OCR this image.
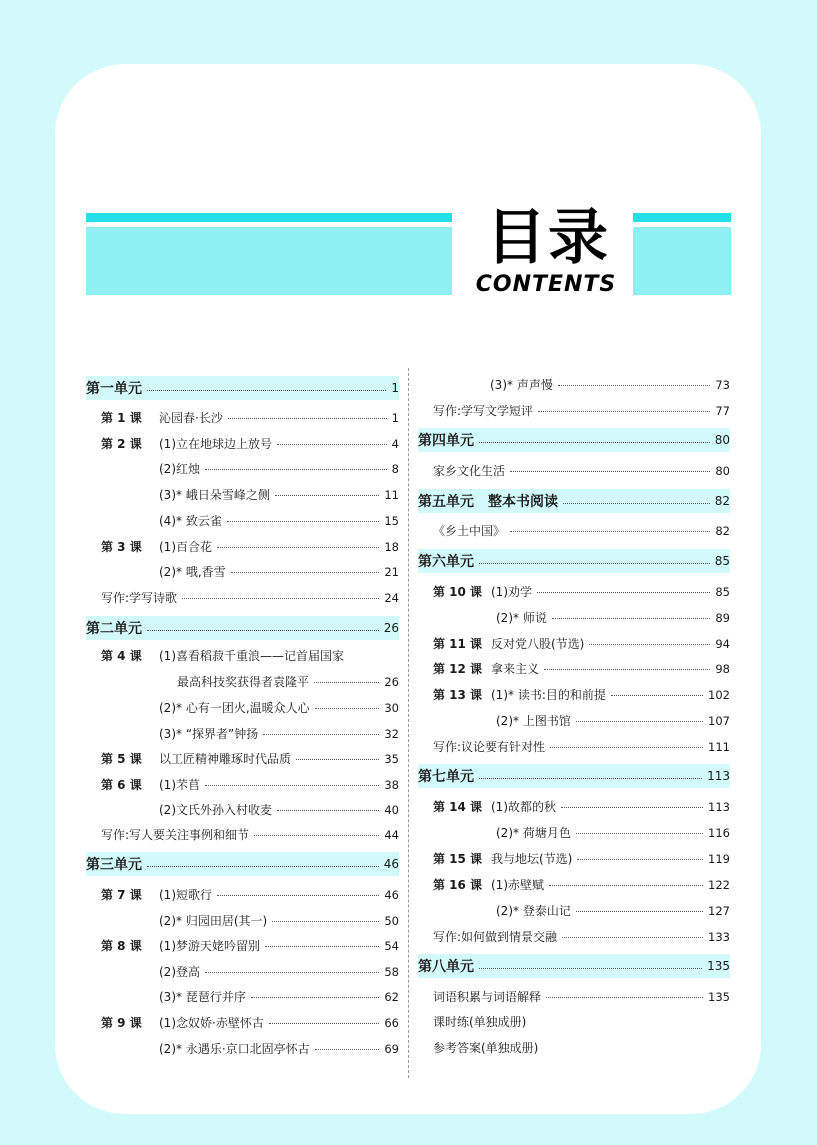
目录
CONTENTS
第一单元	1
第 1 课	沁园春·长沙	1
第 2 课	(1)立在地球边上放号	4
(2)红烛	8
(3)* 峨日朵雪峰之侧	11
(4)* 致云雀	15
第 3 课	(1)百合花	18
(2)* 哦,香雪	21
写作:学写诗歌	24
第二单元	26
第 4 课	(1)喜看稻菽千重浪——记首届国家
最高科技奖获得者袁隆平	26
(2)* 心有一团火,温暖众人心	30
(3)* “探界者”钟扬	32
第 5 课	以工匠精神雕琢时代品质	35
第 6 课	(1)芣苢	38
(2)文氏外孙入村收麦	40
写作:写人要关注事例和细节	44
第三单元	46
第 7 课	(1)短歌行	46
(2)* 归园田居(其一)	50
第 8 课	(1)梦游天姥吟留别	54
(2)登高	58
(3)* 琵琶行并序	62
第 9 课	(1)念奴娇·赤壁怀古	66
(2)* 永遇乐·京口北固亭怀古	69
(3)* 声声慢	73
写作:学写文学短评	77
第四单元	80
家乡文化生活	80
第五单元　整本书阅读	82
《乡土中国》	82
第六单元	85
第 10 课 (1)劝学	85
(2)* 师说	89
第 11 课 反对党八股(节选)	94
第 12 课 拿来主义	98
第 13 课 (1)* 读书:目的和前提	102
(2)* 上图书馆	107
写作:议论要有针对性	111
第七单元	113
第 14 课 (1)故都的秋	113
(2)* 荷塘月色	116
第 15 课 我与地坛(节选)	119
第 16 课 (1)赤壁赋	122
(2)* 登泰山记	127
写作:如何做到情景交融	133
第八单元	135
词语积累与词语解释	135
课时练(单独成册)
参考答案(单独成册)
